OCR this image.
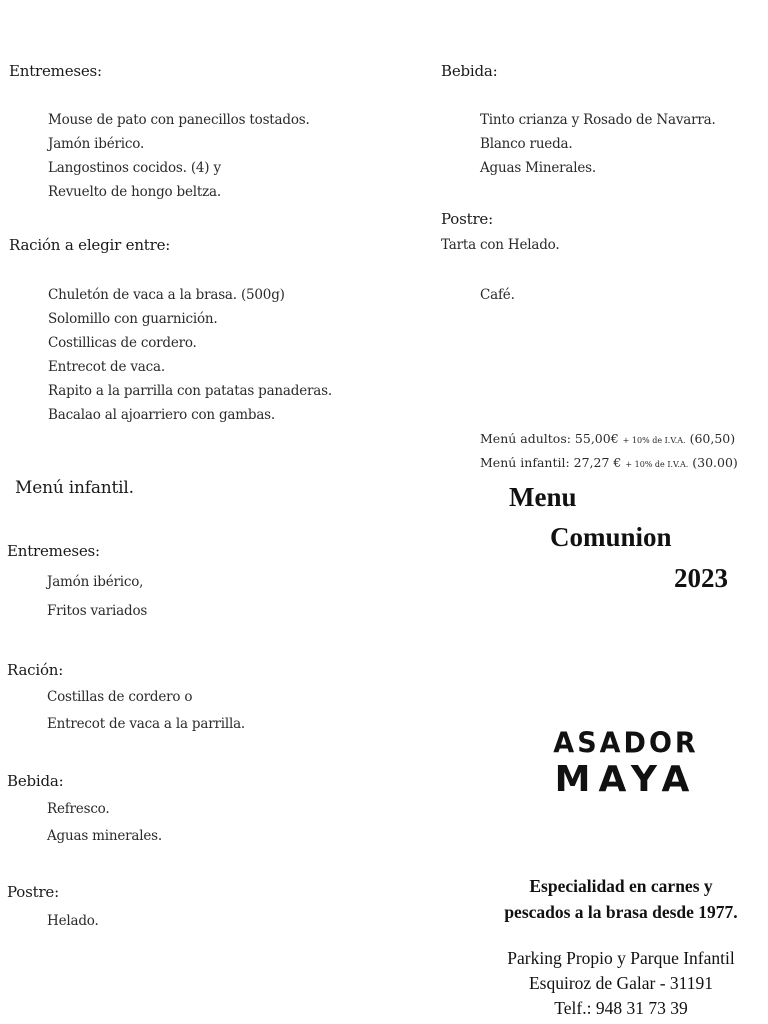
Entremeses:
Mouse de pato con panecillos tostados.
Jamón ibérico.
Langostinos cocidos. (4) y
Revuelto de hongo beltza.
Ración a elegir entre:
Chuletón de vaca a la brasa. (500g)
Solomillo con guarnición.
Costillicas de cordero.
Entrecot de vaca.
Rapito a la parrilla con patatas panaderas.
Bacalao al ajoarriero con gambas.
Bebida:
Tinto crianza y Rosado de Navarra.
Blanco rueda.
Aguas Minerales.
Postre:
Tarta con Helado.
Café.
Menú adultos: 55,00€ + 10% de I.V.A. (60,50)
Menú infantil: 27,27 € + 10% de I.V.A. (30.00)
Menú infantil.
Entremeses:
Jamón ibérico,
Fritos variados
Ración:
Costillas de cordero o
Entrecot de vaca a la parrilla.
Bebida:
Refresco.
Aguas minerales.
Postre:
Helado.
Menu
Comunion
2023
ASADOR
MAYA
Especialidad en carnes y
pescados a la brasa desde 1977.
Parking Propio y Parque Infantil
Esquiroz de Galar - 31191
Telf.: 948 31 73 39
